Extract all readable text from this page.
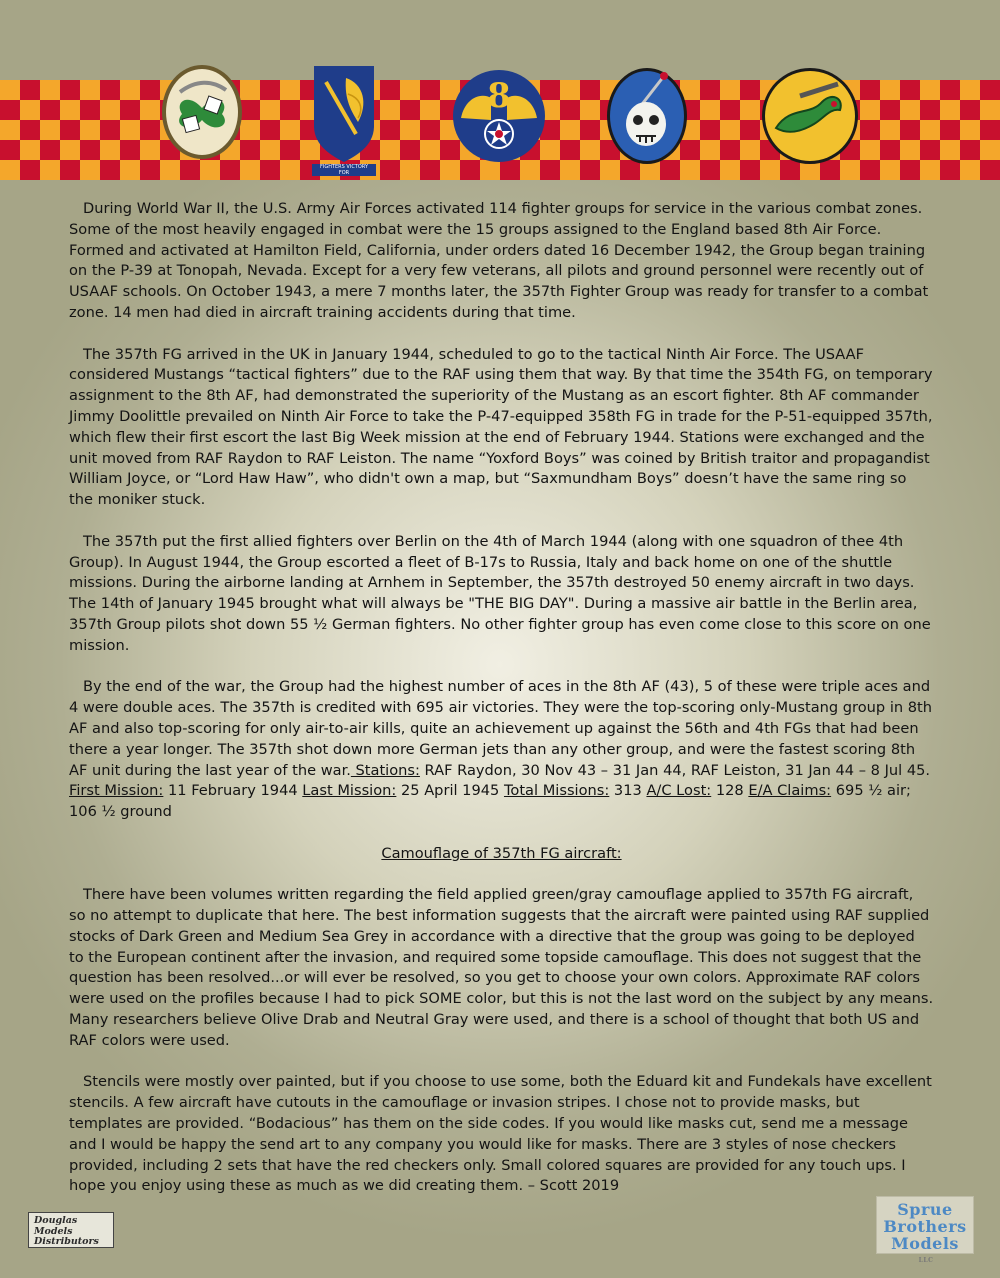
FIGHTERS VICTORY
FOR
8

During World War II, the U.S. Army Air Forces activated 114 fighter groups for service in the various combat zones. Some of the most heavily engaged in combat were the 15 groups assigned to the England based 8th Air Force. Formed and activated at Hamilton Field, California, under orders dated 16 December 1942, the Group began training on the P-39 at Tonopah, Nevada. Except for a very few veterans, all pilots and ground personnel were recently out of USAAF schools. On October 1943, a mere 7 months later, the 357th Fighter Group was ready for transfer to a combat zone. 14 men had died in aircraft training accidents during that time.

The 357th FG arrived in the UK in January 1944, scheduled to go to the tactical Ninth Air Force. The USAAF considered Mustangs “tactical fighters” due to the RAF using them that way. By that time the 354th FG, on temporary assignment to the 8th AF, had demonstrated the superiority of the Mustang as an escort fighter. 8th AF commander Jimmy Doolittle prevailed on Ninth Air Force to take the P-47-equipped 358th FG in trade for the P-51-equipped 357th, which flew their first escort the last Big Week mission at the end of February 1944. Stations were exchanged and the unit moved from RAF Raydon to RAF Leiston. The name “Yoxford Boys” was coined by British traitor and propagandist William Joyce, or “Lord Haw Haw”, who didn't own a map, but “Saxmundham Boys” doesn’t have the same ring so the moniker stuck.

The 357th put the first allied fighters over Berlin on the 4th of March 1944 (along with one squadron of thee 4th Group). In August 1944, the Group escorted a fleet of B-17s to Russia, Italy and back home on one of the shuttle missions. During the airborne landing at Arnhem in September, the 357th destroyed 50 enemy aircraft in two days. The 14th of January 1945 brought what will always be "THE BIG DAY". During a massive air battle in the Berlin area, 357th Group pilots shot down 55 ½ German fighters. No other fighter group has even come close to this score on one mission.

By the end of the war, the Group had the highest number of aces in the 8th AF (43), 5 of these were triple aces and 4 were double aces. The 357th is credited with 695 air victories. They were the top-scoring only-Mustang group in 8th AF and also top-scoring for only air-to-air kills, quite an achievement up against the 56th and 4th FGs that had been there a year longer. The 357th shot down more German jets than any other group, and were the fastest scoring 8th AF unit during the last year of the war. Stations: RAF Raydon, 30 Nov 43 – 31 Jan 44, RAF Leiston, 31 Jan 44 – 8 Jul 45. First Mission: 11 February 1944 Last Mission: 25 April 1945 Total Missions: 313 A/C Lost: 128 E/A Claims: 695 ½ air; 106 ½ ground

Camouflage of 357th FG aircraft:

There have been volumes written regarding the field applied green/gray camouflage applied to 357th FG aircraft, so no attempt to duplicate that here. The best information suggests that the aircraft were painted using RAF supplied stocks of Dark Green and Medium Sea Grey in accordance with a directive that the group was going to be deployed to the European continent after the invasion, and required some topside camouflage. This does not suggest that the question has been resolved...or will ever be resolved, so you get to choose your own colors. Approximate RAF colors were used on the profiles because I had to pick SOME color, but this is not the last word on the subject by any means. Many researchers believe Olive Drab and Neutral Gray were used, and there is a school of thought that both US and RAF colors were used.

Stencils were mostly over painted, but if you choose to use some, both the Eduard kit and Fundekals have excellent stencils. A few aircraft have cutouts in the camouflage or invasion stripes. I chose not to provide masks, but templates are provided. “Bodacious” has them on the side codes. If you would like masks cut, send me a message and I would be happy the send art to any company you would like for masks. There are 3 styles of nose checkers provided, including 2 sets that have the red checkers only. Small colored squares are provided for any touch ups. I hope you enjoy using these as much as we did creating them. – Scott 2019

Douglas
Models
Distributors
Sprue
Brothers
Models
LLC
